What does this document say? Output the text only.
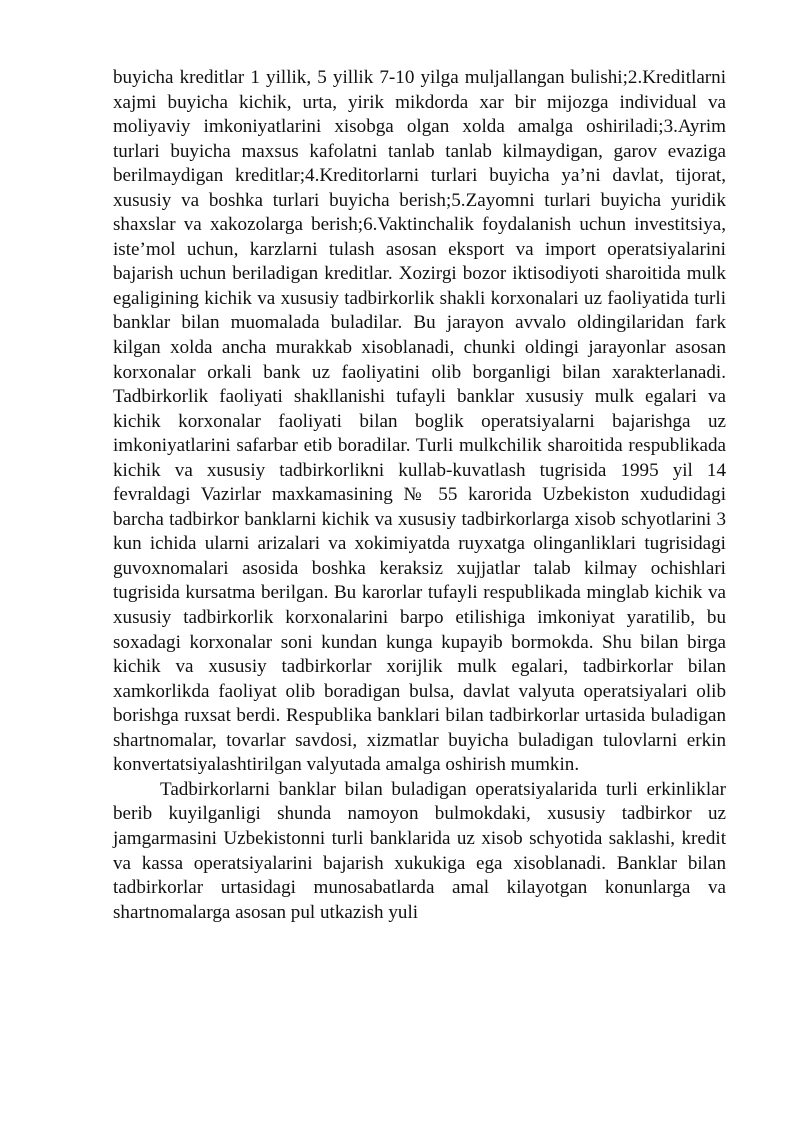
buyicha kreditlar 1 yillik, 5 yillik 7-10 yilga muljallangan bulishi;2.Kreditlarni xajmi buyicha kichik, urta, yirik mikdorda xar bir mijozga individual va moliyaviy imkoniyatlarini xisobga olgan xolda amalga oshiriladi;3.Ayrim turlari buyicha maxsus kafolatni tanlab tanlab kilmaydigan, garov evaziga berilmaydigan kreditlar;4.Kreditorlarni turlari buyicha ya’ni davlat, tijorat, xususiy va boshka turlari buyicha berish;5.Zayomni turlari buyicha yuridik shaxslar va xakozolarga berish;6.Vaktinchalik foydalanish uchun investitsiya, iste’mol uchun, karzlarni tulash asosan eksport va import operatsiyalarini bajarish uchun beriladigan kreditlar. Xozirgi bozor iktisodiyoti sharoitida mulk egaligining kichik va xususiy tadbirkorlik shakli korxonalari uz faoliyatida turli banklar bilan muomalada buladilar. Bu jarayon avvalo oldingilaridan fark kilgan xolda ancha murakkab xisoblanadi, chunki oldingi jarayonlar asosan korxonalar orkali bank uz faoliyatini olib borganligi bilan xarakterlanadi. Tadbirkorlik faoliyati shakllanishi tufayli banklar xususiy mulk egalari va kichik korxonalar faoliyati bilan boglik operatsiyalarni bajarishga uz imkoniyatlarini safarbar etib boradilar. Turli mulkchilik sharoitida respublikada kichik va xususiy tadbirkorlikni kullab-kuvatlash tugrisida 1995 yil 14 fevraldagi Vazirlar maxkamasining № 55 karorida Uzbekiston xududidagi barcha tadbirkor banklarni kichik va xususiy tadbirkorlarga xisob schyotlarini 3 kun ichida ularni arizalari va xokimiyatda ruyxatga olinganliklari tugrisidagi guvoxnomalari asosida boshka keraksiz xujjatlar talab kilmay ochishlari tugrisida kursatma berilgan. Bu karorlar tufayli respublikada minglab kichik va xususiy tadbirkorlik korxonalarini barpo etilishiga imkoniyat yaratilib, bu soxadagi korxonalar soni kundan kunga kupayib bormokda. Shu bilan birga kichik va xususiy tadbirkorlar xorijlik mulk egalari, tadbirkorlar bilan xamkorlikda faoliyat olib boradigan bulsa, davlat valyuta operatsiyalari olib borishga ruxsat berdi. Respublika banklari bilan tadbirkorlar urtasida buladigan shartnomalar, tovarlar savdosi, xizmatlar buyicha buladigan tulovlarni erkin konvertatsiyalashtirilgan valyutada amalga oshirish mumkin.

Tadbirkorlarni banklar bilan buladigan operatsiyalarida turli erkinliklar berib kuyilganligi shunda namoyon bulmokdaki, xususiy tadbirkor uz jamgarmasini Uzbekistonni turli banklarida uz xisob schyotida saklashi, kredit va kassa operatsiyalarini bajarish xukukiga ega xisoblanadi. Banklar bilan tadbirkorlar urtasidagi munosabatlarda amal kilayotgan konunlarga va shartnomalarga asosan pul utkazish yuli
